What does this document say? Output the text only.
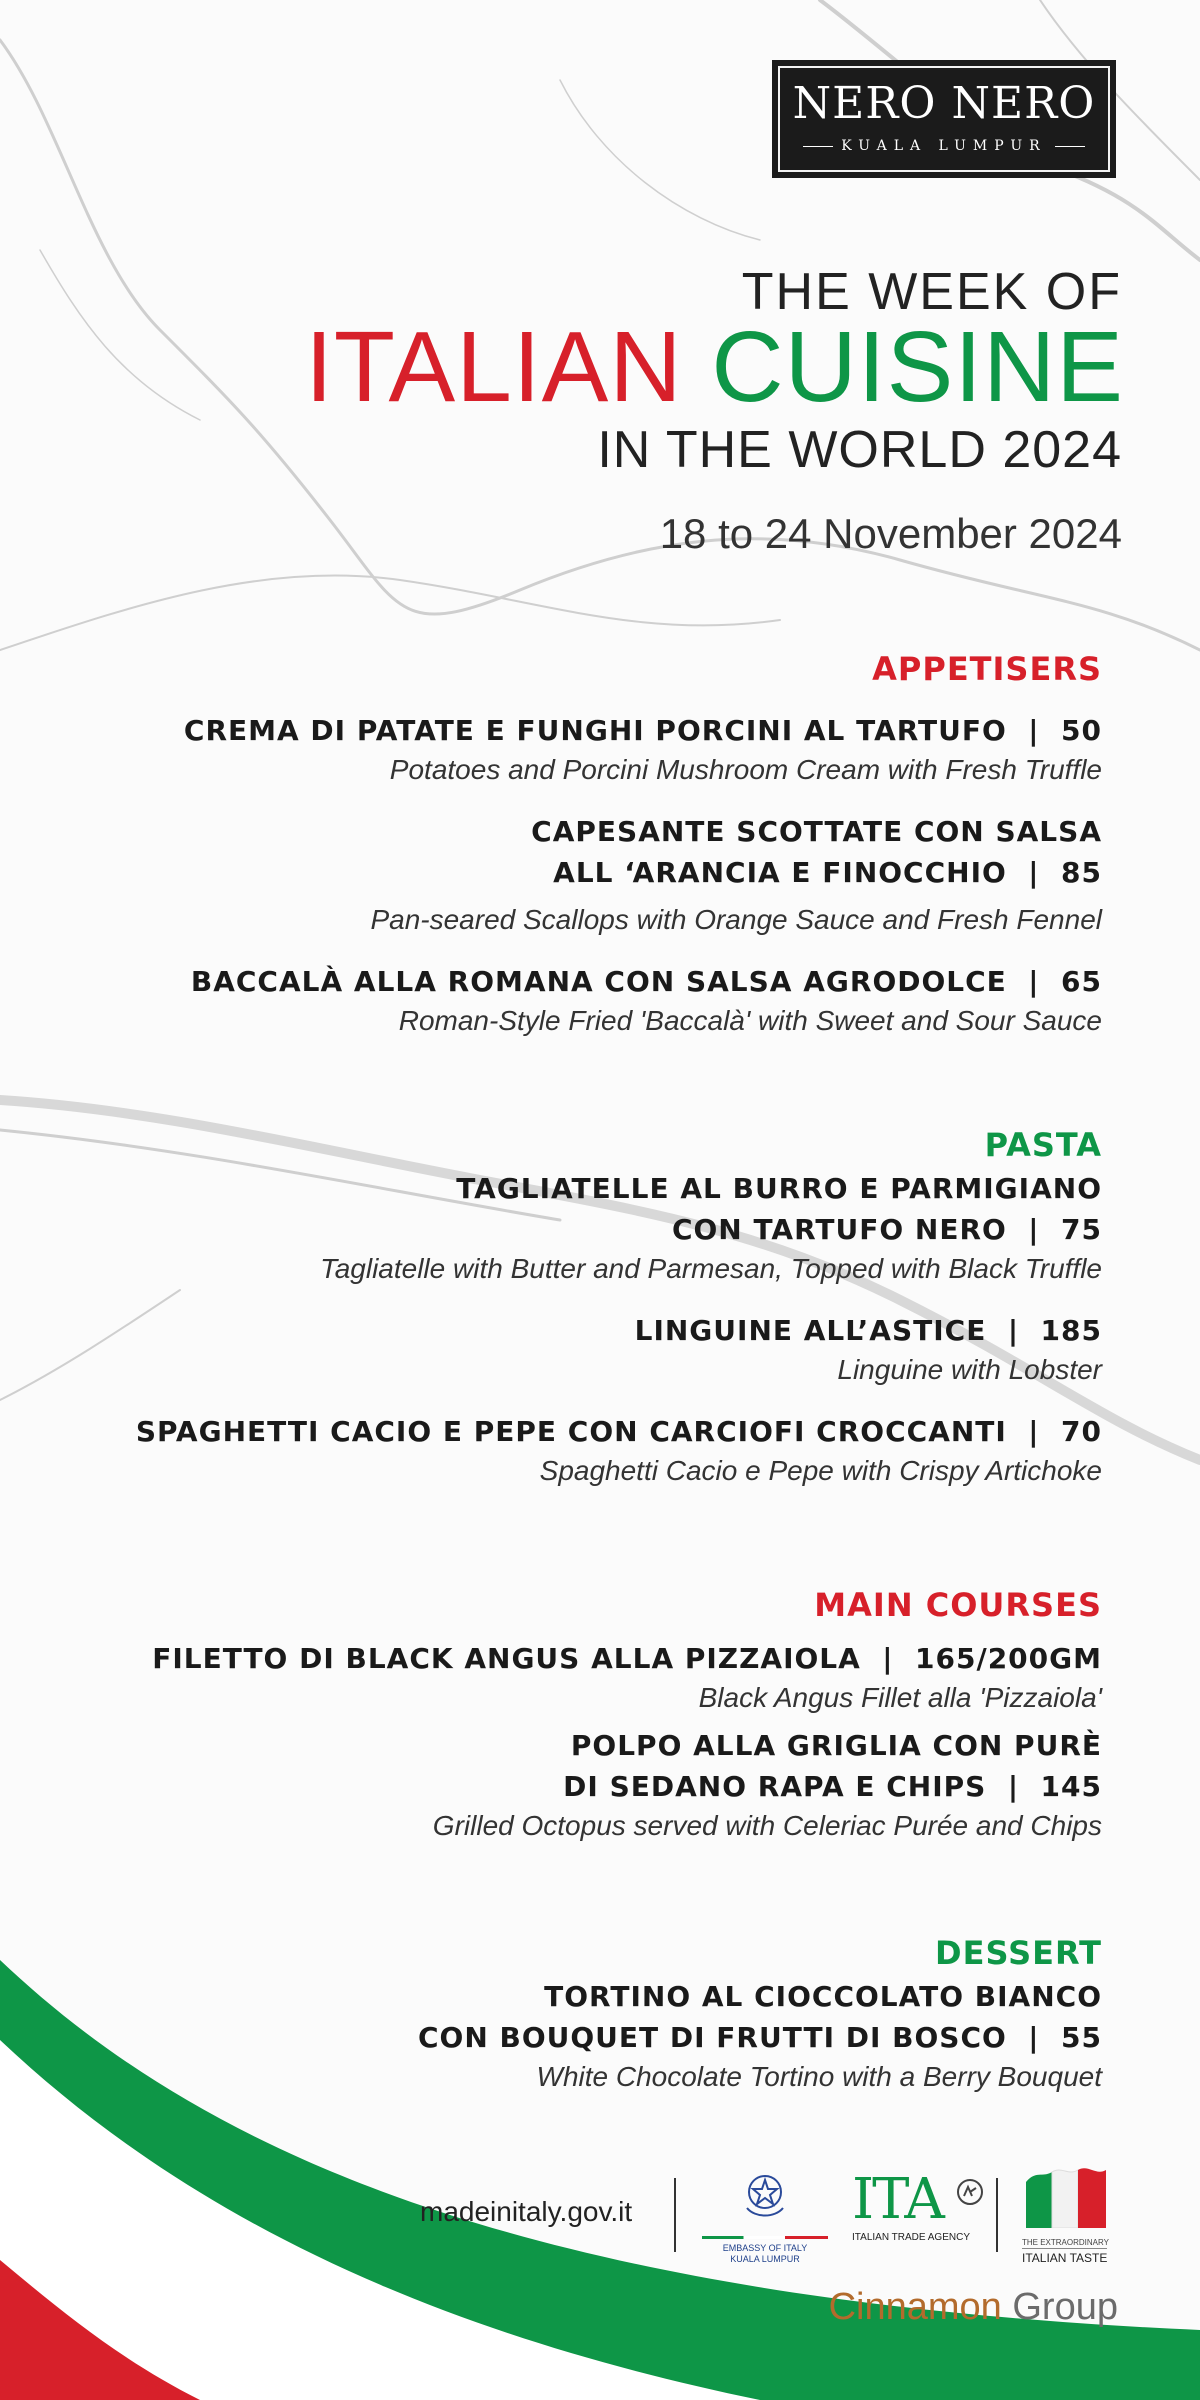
NERO NERO
KUALA LUMPUR
THE WEEK OF
ITALIAN CUISINE
IN THE WORLD 2024
18 to 24 November 2024
APPETISERS
CREMA DI PATATE E FUNGHI PORCINI AL TARTUFO  |  50
Potatoes and Porcini Mushroom Cream with Fresh Truffle
CAPESANTE SCOTTATE CON SALSA
ALL ‘ARANCIA E FINOCCHIO  |  85
Pan-seared Scallops with Orange Sauce and Fresh Fennel
BACCALÀ ALLA ROMANA CON SALSA AGRODOLCE  |  65
Roman-Style Fried 'Baccalà' with Sweet and Sour Sauce
PASTA
TAGLIATELLE AL BURRO E PARMIGIANO
CON TARTUFO NERO  |  75
Tagliatelle with Butter and Parmesan, Topped with Black Truffle
LINGUINE ALL’ASTICE  |  185
Linguine with Lobster
SPAGHETTI CACIO E PEPE CON CARCIOFI CROCCANTI  |  70
Spaghetti Cacio e Pepe with Crispy Artichoke
MAIN COURSES
FILETTO DI BLACK ANGUS ALLA PIZZAIOLA  |  165/200GM
Black Angus Fillet alla 'Pizzaiola'
POLPO ALLA GRIGLIA CON PURÈ
DI SEDANO RAPA E CHIPS  |  145
Grilled Octopus served with Celeriac Purée and Chips
DESSERT
TORTINO AL CIOCCOLATO BIANCO
CON BOUQUET DI FRUTTI DI BOSCO  |  55
White Chocolate Tortino with a Berry Bouquet
madeinitaly.gov.it
EMBASSY OF ITALY
KUALA LUMPUR
ITA
ITALIAN TRADE AGENCY	THE EXTRAORDINARY
ITALIAN TASTE
Cinnamon Group
